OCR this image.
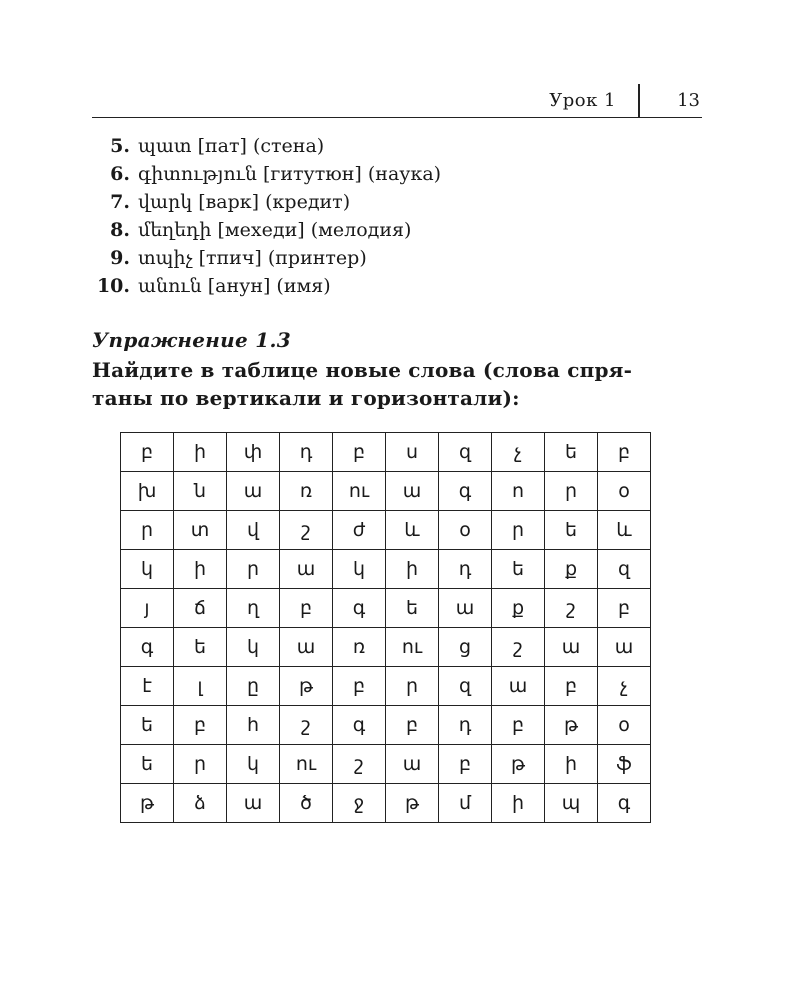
Урок 1	13
5. պատ [пат] (стена)
6. գիտություն [гитутюн] (наука)
7. վարկ [варк] (кредит)
8. մեղեդի [мехеди] (мелодия)
9. տպիչ [тпич] (принтер)
10. անուն [анун] (имя)
Упражнение 1.3
Найдите в таблице новые слова (слова спря-
таны по вертикали и горизонтали):
բ	ի	փ	դ	բ	ս	զ	չ	ե	բ
խ	ն	ա	ռ	ու	ա	գ	ո	ր	օ
ր	տ	վ	շ	ժ	և	օ	ր	ե	և
կ	ի	ր	ա	կ	ի	դ	ե	ք	զ
յ	ճ	ղ	բ	գ	ե	ա	ք	շ	բ
գ	ե	կ	ա	ռ	ու	ց	շ	ա	ա
է	լ	ը	թ	բ	ր	զ	ա	բ	չ
ե	բ	հ	շ	գ	բ	դ	բ	թ	օ
ե	ր	կ	ու	շ	ա	բ	թ	ի	ֆ
թ	ձ	ա	ծ	ջ	թ	մ	ի	պ	գ
